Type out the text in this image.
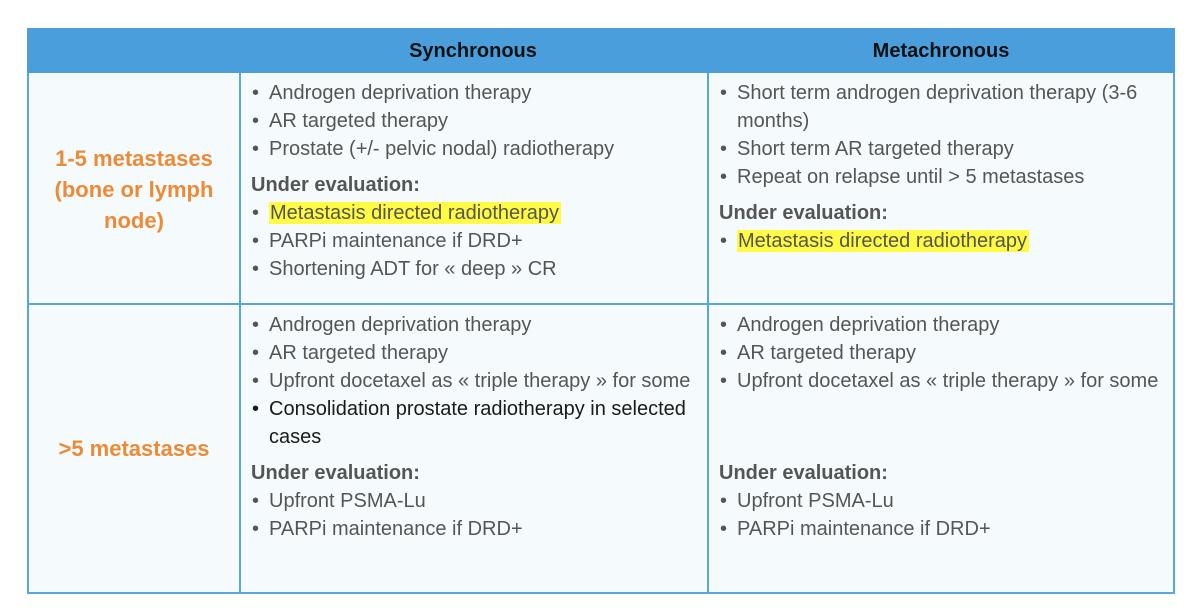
Synchronous	Metachronous
1-5 metastases (bone or lymph node)
• Androgen deprivation therapy
• AR targeted therapy
• Prostate (+/- pelvic nodal) radiotherapy

Under evaluation:

• Metastasis directed radiotherapy
• PARPi maintenance if DRD+
• Shortening ADT for « deep » CR
• Short term androgen deprivation therapy (3-6 months)
• Short term AR targeted therapy
• Repeat on relapse until > 5 metastases

Under evaluation:

• Metastasis directed radiotherapy
>5 metastases
• Androgen deprivation therapy
• AR targeted therapy
• Upfront docetaxel as « triple therapy » for some
• Consolidation prostate radiotherapy in selected cases

Under evaluation:

• Upfront PSMA-Lu
• PARPi maintenance if DRD+
• Androgen deprivation therapy
• AR targeted therapy
• Upfront docetaxel as « triple therapy » for some

Under evaluation:

• Upfront PSMA-Lu
• PARPi maintenance if DRD+
